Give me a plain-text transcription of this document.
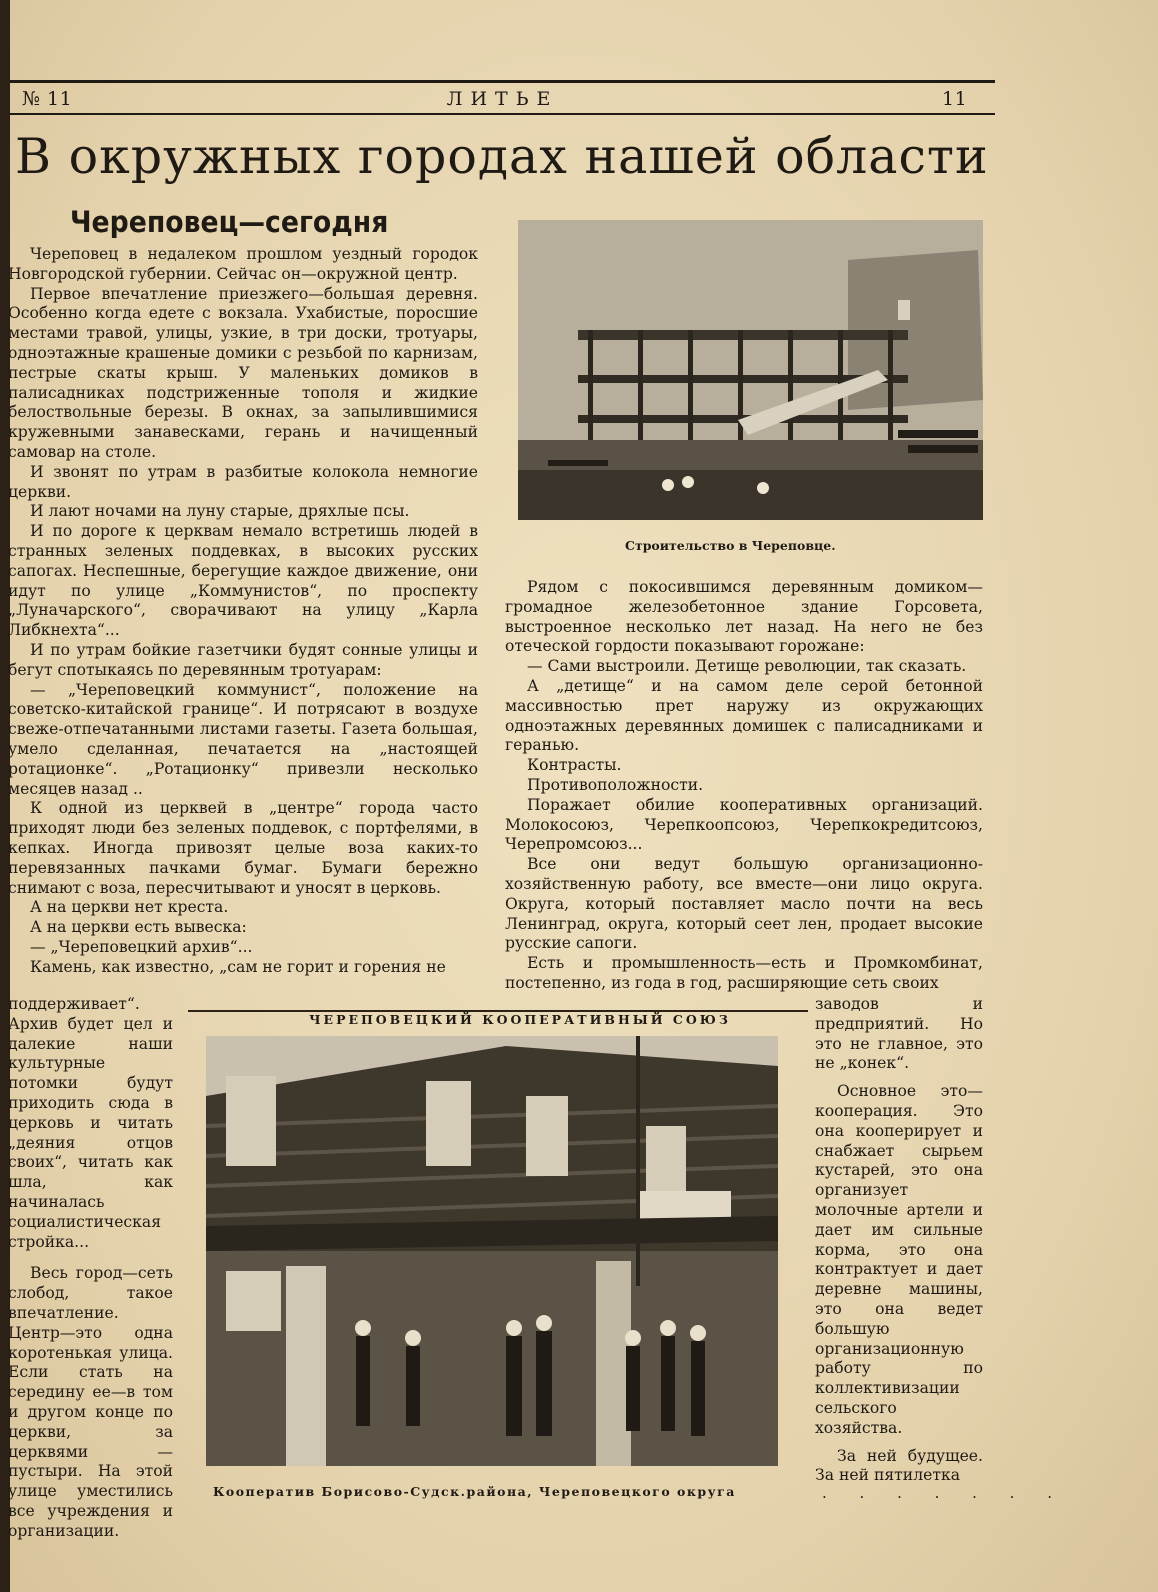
№ 11	ЛИТЬЕ	11
В окружных городах нашей области
Череповец—сегодня

Череповец в недалеком прошлом уездный городок Новгородской губернии. Сейчас он—окружной центр.

Первое впечатление приезжего—большая деревня. Особенно когда едете с вокзала. Ухабистые, поросшие местами травой, улицы, узкие, в три доски, тротуары, одноэтажные крашеные домики с резьбой по карнизам, пестрые скаты крыш. У маленьких домиков в палисадниках подстриженные тополя и жидкие белоствольные березы. В окнах, за запылившимися кружевными занавесками, герань и начищенный самовар на столе.

И звонят по утрам в разбитые колокола немногие церкви.

И лают ночами на луну старые, дряхлые псы.

И по дороге к церквам немало встретишь людей в странных зеленых поддевках, в высоких русских сапогах. Неспешные, берегущие каждое движение, они идут по улице „Коммунистов“, по проспекту „Луначарского“, сворачивают на улицу „Карла Либкнехта“...

И по утрам бойкие газетчики будят сонные улицы и бегут спотыкаясь по деревянным тротуарам:

— „Череповецкий коммунист“, положение на советско-китайской границе“. И потрясают в воздухе свеже-отпечатанными листами газеты. Газета большая, умело сделанная, печатается на „настоящей ротационке“. „Ротационку“ привезли несколько месяцев назад ..

К одной из церквей в „центре“ города часто приходят люди без зеленых поддевок, с портфелями, в кепках. Иногда привозят целые воза каких-то перевязанных пачками бумаг. Бумаги бережно снимают с воза, пересчитывают и уносят в церковь.

А на церкви нет креста.

А на церкви есть вывеска:

— „Череповецкий архив“...

Камень, как известно, „сам не горит и горения не

Строительство в Череповце.

Рядом с покосившимся деревянным домиком—громадное железобетонное здание Горсовета, выстроенное несколько лет назад. На него не без отеческой гордости показывают горожане:

— Сами выстроили. Детище революции, так сказать.

А „детище“ и на самом деле серой бетонной массивностью прет наружу из окружающих одноэтажных деревянных домишек с палисадниками и геранью.

Контрасты.

Противоположности.

Поражает обилие кооперативных организаций. Молокосоюз, Черепкоопсоюз, Черепкокредитсоюз, Черепромсоюз...

Все они ведут большую организационно-хозяйственную работу, все вместе—они лицо округа. Округа, который поставляет масло почти на весь Ленинград, округа, который сеет лен, продает высокие русские сапоги.

Есть и промышленность—есть и Промкомбинат, постепенно, из года в год, расширяющие сеть своих

ЧЕРЕПОВЕЦКИЙ КООПЕРАТИВНЫЙ СОЮЗ
Кооператив Борисово-Судск.района, Череповецкого округа

поддерживает“. Архив будет цел и далекие наши культурные потомки будут приходить сюда в церковь и читать „деяния отцов своих“, читать как шла, как начиналась социалистическая стройка...

Весь город—сеть слобод, такое впечатление. Центр—это одна коротенькая улица. Если стать на середину ее—в том и другом конце по церкви, за церквями — пустыри. На этой улице уместились все учреждения и организации.

заводов и предприятий. Но это не главное, это не „конек“.

Основное это—кооперация. Это она кооперирует и снабжает сырьем кустарей, это она организует молочные артели и дает им сильные корма, это она контрактует и дает деревне машины, это она ведет большую организационную работу по коллективизации сельского хозяйства.

За ней будущее. За ней пятилетка

· · · · · · ·
